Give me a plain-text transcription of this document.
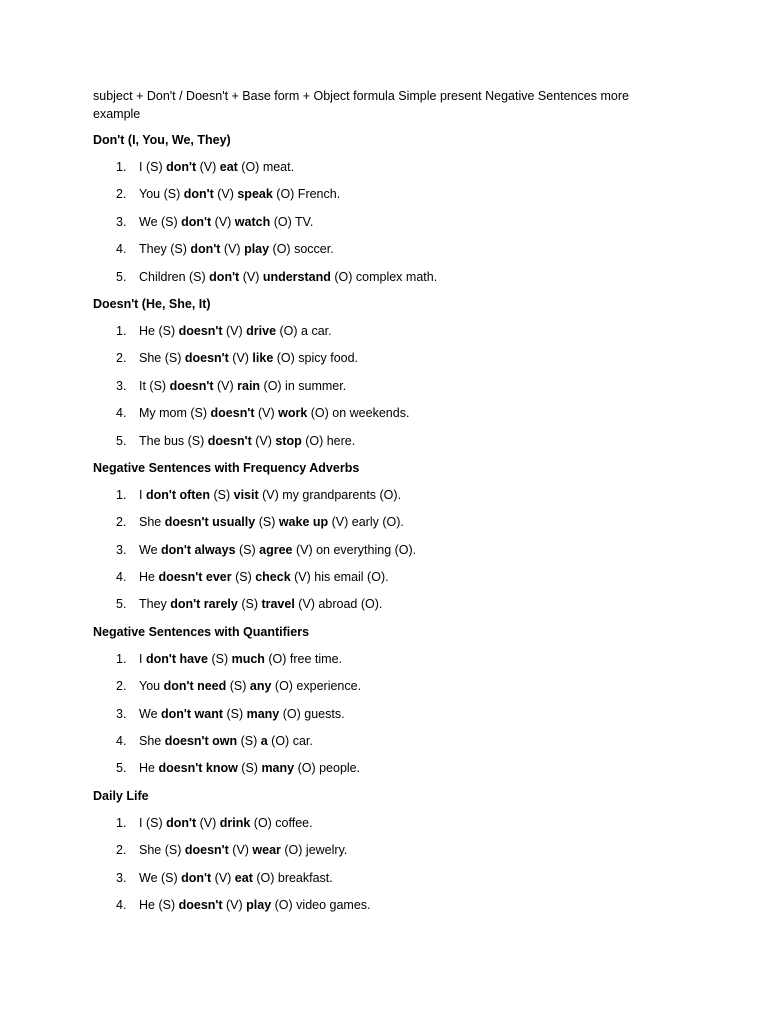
subject + Don't / Doesn't + Base form + Object formula Simple present Negative Sentences more example

Don't (I, You, We, They)
1. I (S) don't (V) eat (O) meat.
2. You (S) don't (V) speak (O) French.
3. We (S) don't (V) watch (O) TV.
4. They (S) don't (V) play (O) soccer.
5. Children (S) don't (V) understand (O) complex math.
Doesn't (He, She, It)
1. He (S) doesn't (V) drive (O) a car.
2. She (S) doesn't (V) like (O) spicy food.
3. It (S) doesn't (V) rain (O) in summer.
4. My mom (S) doesn't (V) work (O) on weekends.
5. The bus (S) doesn't (V) stop (O) here.
Negative Sentences with Frequency Adverbs
1. I don't often (S) visit (V) my grandparents (O).
2. She doesn't usually (S) wake up (V) early (O).
3. We don't always (S) agree (V) on everything (O).
4. He doesn't ever (S) check (V) his email (O).
5. They don't rarely (S) travel (V) abroad (O).
Negative Sentences with Quantifiers
1. I don't have (S) much (O) free time.
2. You don't need (S) any (O) experience.
3. We don't want (S) many (O) guests.
4. She doesn't own (S) a (O) car.
5. He doesn't know (S) many (O) people.
Daily Life
1. I (S) don't (V) drink (O) coffee.
2. She (S) doesn't (V) wear (O) jewelry.
3. We (S) don't (V) eat (O) breakfast.
4. He (S) doesn't (V) play (O) video games.
